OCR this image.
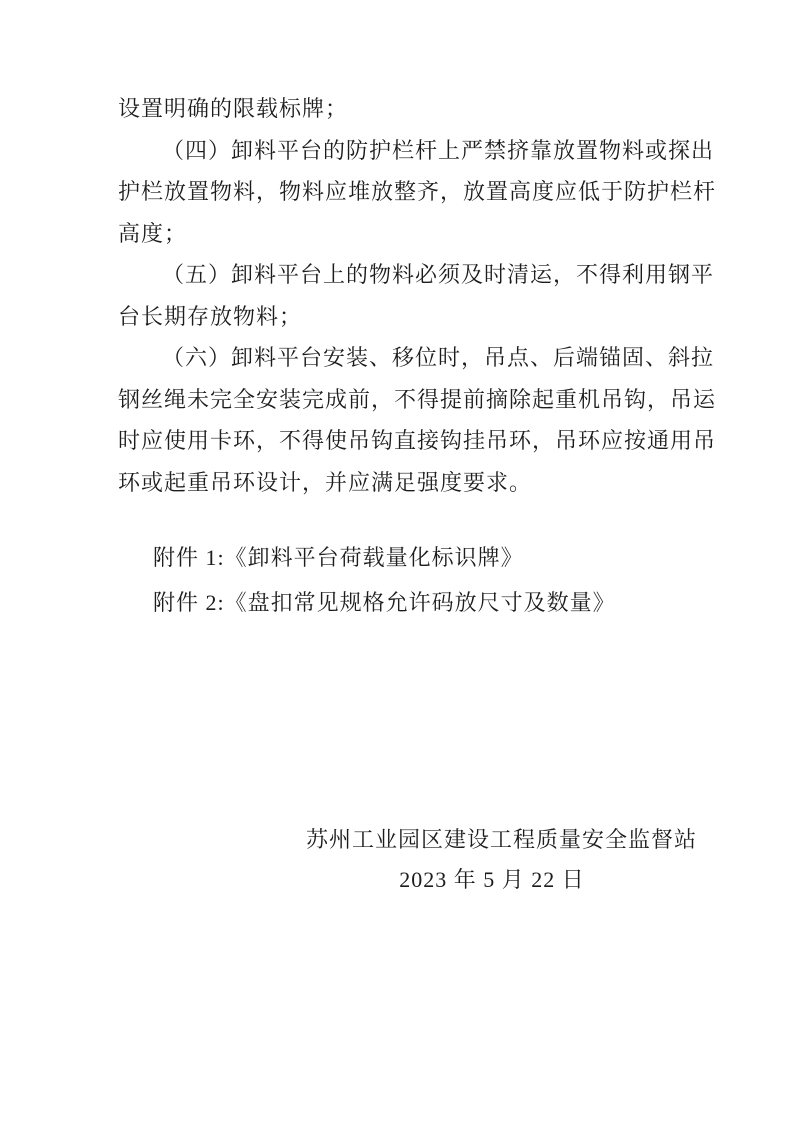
设置明确的限载标牌；
（四）卸料平台的防护栏杆上严禁挤靠放置物料或探出
护栏放置物料，物料应堆放整齐，放置高度应低于防护栏杆
高度；
（五）卸料平台上的物料必须及时清运，不得利用钢平
台长期存放物料；
（六）卸料平台安装、移位时，吊点、后端锚固、斜拉
钢丝绳未完全安装完成前，不得提前摘除起重机吊钩，吊运
时应使用卡环，不得使吊钩直接钩挂吊环，吊环应按通用吊
环或起重吊环设计，并应满足强度要求。
附件 1:《卸料平台荷载量化标识牌》
附件 2:《盘扣常见规格允许码放尺寸及数量》
苏州工业园区建设工程质量安全监督站
2023 年 5 月 22 日
